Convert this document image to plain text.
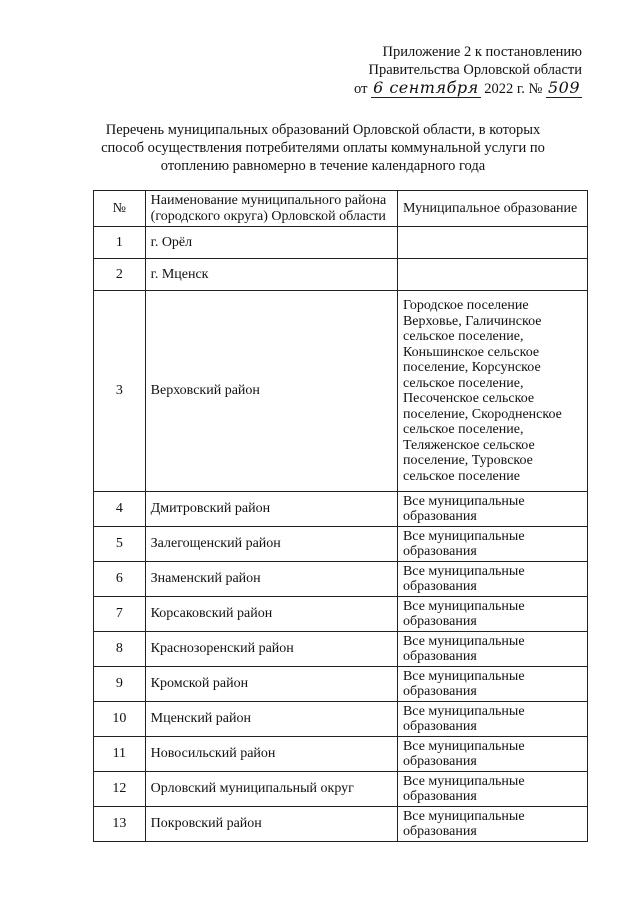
Приложение 2 к постановлению
Правительства Орловской области
от 6 сентября 2022 г. № 509
Перечень муниципальных образований Орловской области, в которых
способ осуществления потребителями оплаты коммунальной услуги по
отоплению равномерно в течение календарного года
№	Наименование муниципального района (городского округа) Орловской области	Муниципальное образование
1	г. Орёл	
2	г. Мценск	
3	Верховский район	Городское поселение Верховье, Галичинское сельское поселение, Коньшинское сельское поселение, Корсунское сельское поселение, Песоченское сельское поселение, Скородненское сельское поселение, Теляженское сельское поселение, Туровское сельское поселение
4	Дмитровский район	Все муниципальные образования
5	Залегощенский район	Все муниципальные образования
6	Знаменский район	Все муниципальные образования
7	Корсаковский район	Все муниципальные образования
8	Краснозоренский район	Все муниципальные образования
9	Кромской район	Все муниципальные образования
10	Мценский район	Все муниципальные образования
11	Новосильский район	Все муниципальные образования
12	Орловский муниципальный округ	Все муниципальные образования
13	Покровский район	Все муниципальные образования
